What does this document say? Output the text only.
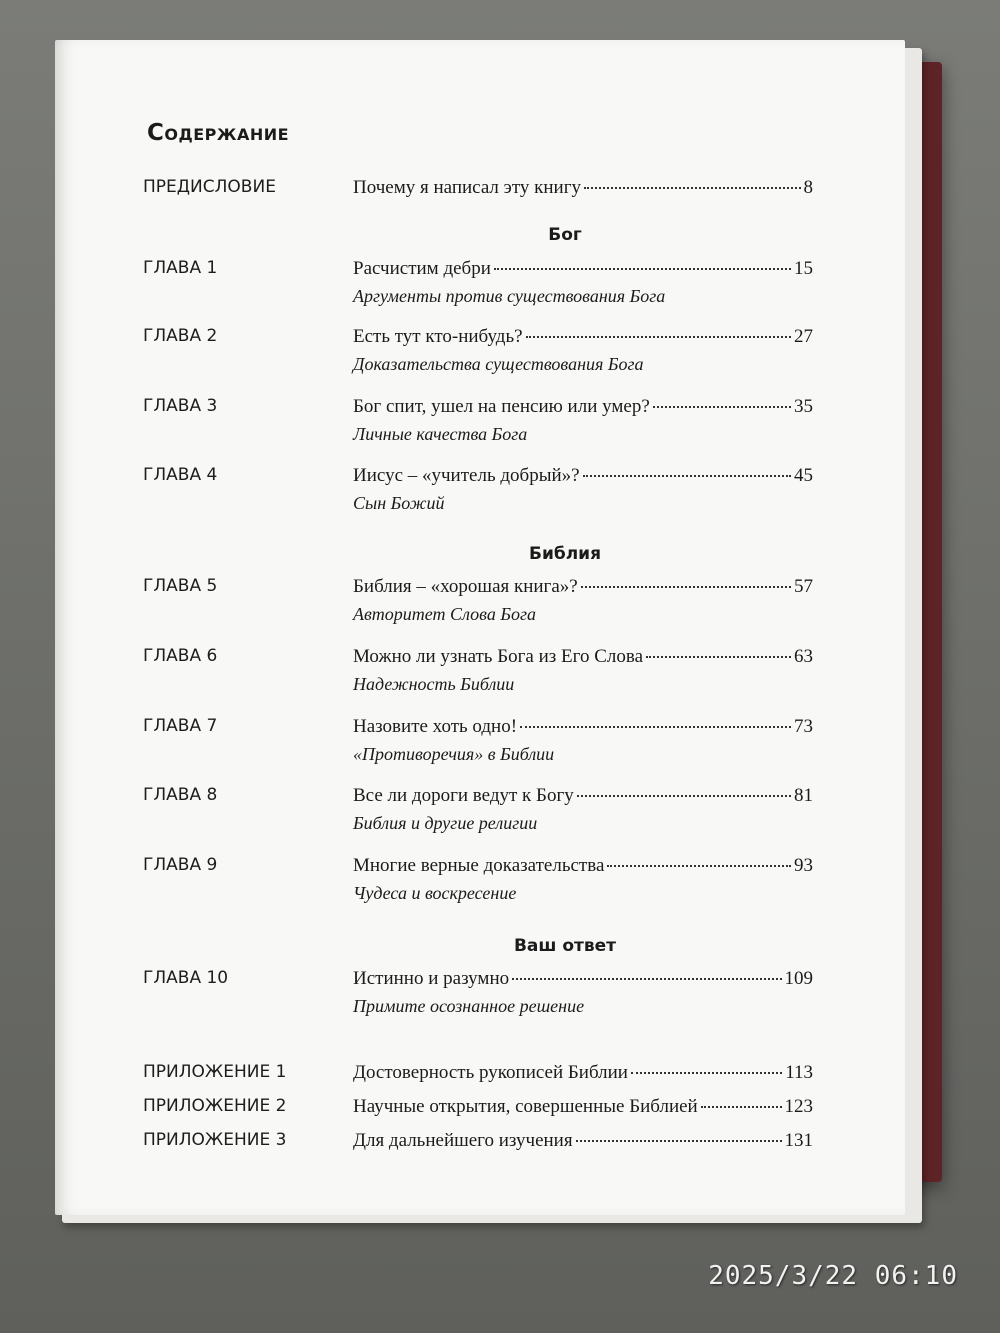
Содержание
ПРЕДИСЛОВИЕ	Почему я написал эту книгу	8
Бог
ГЛАВА 1	Расчистим дебри	15
Аргументы против существования Бога
ГЛАВА 2	Есть тут кто-нибудь?	27
Доказательства существования Бога
ГЛАВА 3	Бог спит, ушел на пенсию или умер?	35
Личные качества Бога
ГЛАВА 4	Иисус – «учитель добрый»?	45
Сын Божий
Библия
ГЛАВА 5	Библия – «хорошая книга»?	57
Авторитет Слова Бога
ГЛАВА 6	Можно ли узнать Бога из Его Слова	63
Надежность Библии
ГЛАВА 7	Назовите хоть одно!	73
«Противоречия» в Библии
ГЛАВА 8	Все ли дороги ведут к Богу	81
Библия и другие религии
ГЛАВА 9	Многие верные доказательства	93
Чудеса и воскресение
Ваш ответ
ГЛАВА 10	Истинно и разумно	109
Примите осознанное решение
ПРИЛОЖЕНИЕ 1	Достоверность рукописей Библии	113
ПРИЛОЖЕНИЕ 2	Научные открытия, совершенные Библией	123
ПРИЛОЖЕНИЕ 3	Для дальнейшего изучения	131
2025/3/22 06:10
